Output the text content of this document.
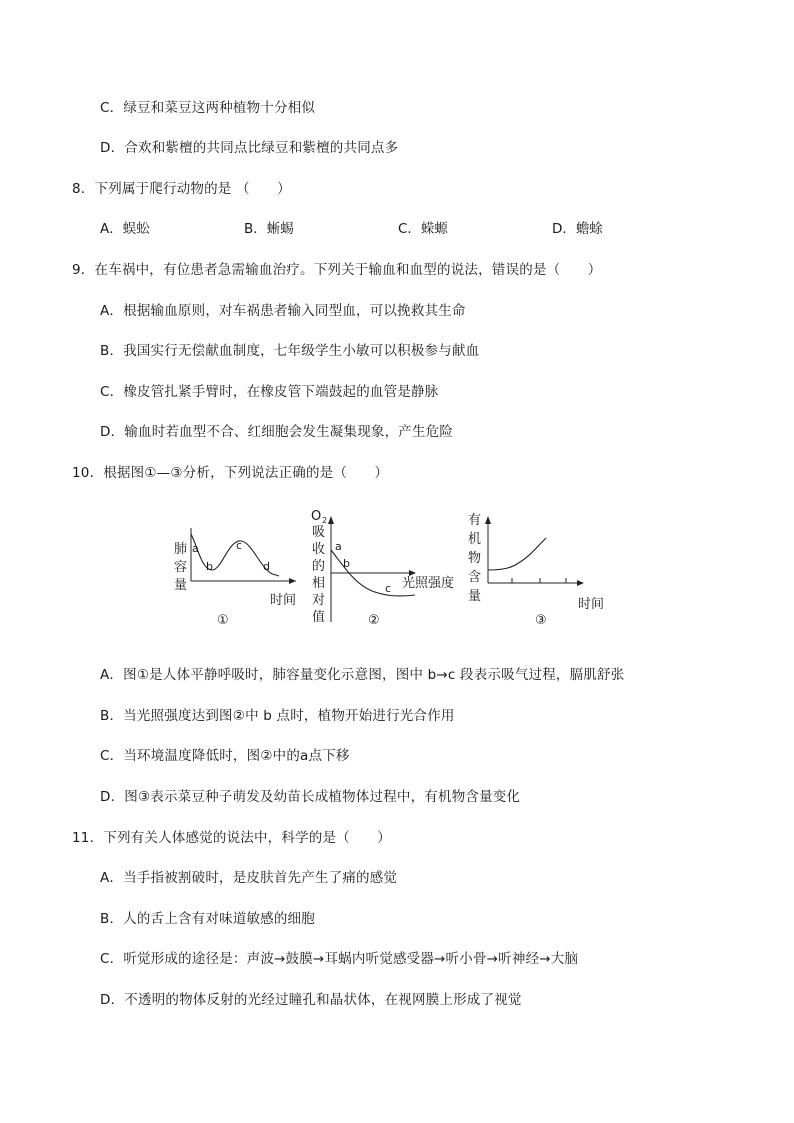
C．绿豆和菜豆这两种植物十分相似
D．合欢和紫檀的共同点比绿豆和紫檀的共同点多
8．下列属于爬行动物的是 （　　）
A．蜈蚣	B．蜥蜴	C．蝾螈	D．蟾蜍
9．在车祸中，有位患者急需输血治疗。下列关于输血和血型的说法，错误的是（　　）
A．根据输血原则，对车祸患者输入同型血，可以挽救其生命
B．我国实行无偿献血制度，七年级学生小敏可以积极参与献血
C．橡皮管扎紧手臂时，在橡皮管下端鼓起的血管是静脉
D．输血时若血型不合、红细胞会发生凝集现象，产生危险
10．根据图①—③分析，下列说法正确的是（　　）
肺
容
量
a
b
c
d
时间
①
O 2
吸
收
的
相
对
值
a
b
c 光照强度
②
有
机
物
含
量
时间
③
A．图①是人体平静呼吸时，肺容量变化示意图，图中 b→c 段表示吸气过程，膈肌舒张
B．当光照强度达到图②中 b 点时，植物开始进行光合作用
C．当环境温度降低时，图②中的a点下移
D．图③表示菜豆种子萌发及幼苗长成植物体过程中，有机物含量变化
11．下列有关人体感觉的说法中，科学的是（　　）
A．当手指被割破时，是皮肤首先产生了痛的感觉
B．人的舌上含有对味道敏感的细胞
C．听觉形成的途径是：声波→鼓膜→耳蜗内听觉感受器→听小骨→听神经→大脑
D．不透明的物体反射的光经过瞳孔和晶状体，在视网膜上形成了视觉
